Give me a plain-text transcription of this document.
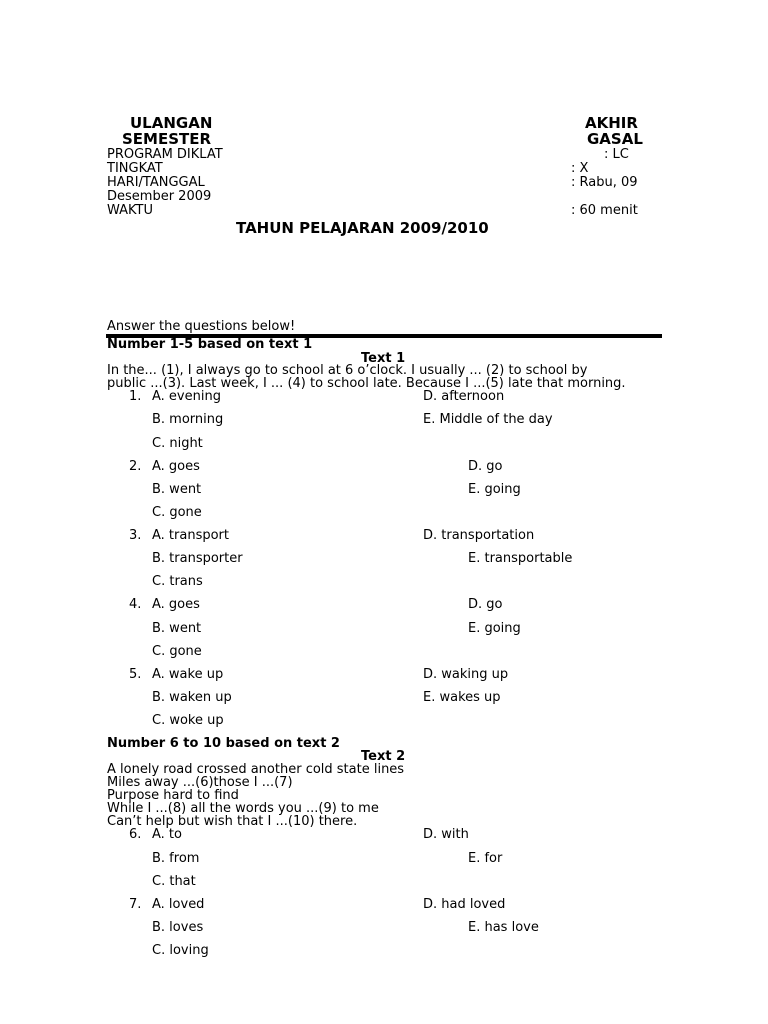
ULANGAN
SEMESTER
AKHIR
GASAL
PROGRAM DIKLAT	: LC
TINGKAT	: X
HARI/TANGGAL	: Rabu, 09
Desember 2009
WAKTU	: 60 menit
TAHUN PELAJARAN 2009/2010
Answer the questions below!
Number 1-5 based on text 1
Text 1
In the... (1), I always go to school at 6 o’clock. I usually ... (2) to school by
public ...(3). Last week, I ... (4) to school late. Because I ...(5) late that morning.
1. A. evening	D. afternoon
B. morning	E. Middle of the day
C. night
2. A. goes	D. go
B. went	E. going
C. gone
3. A. transport	D. transportation
B. transporter	E. transportable
C. trans
4. A. goes	D. go
B. went	E. going
C. gone
5. A. wake up	D. waking up
B. waken up	E. wakes up
C. woke up
Number 6 to 10 based on text 2
Text 2
A lonely road crossed another cold state lines
Miles away ...(6)those I ...(7)
Purpose hard to find
While I ...(8) all the words you ...(9) to me
Can’t help but wish that I ...(10) there.
6. A. to	D. with
B. from	E. for
C. that
7. A. loved	D. had loved
B. loves	E. has love
C. loving
